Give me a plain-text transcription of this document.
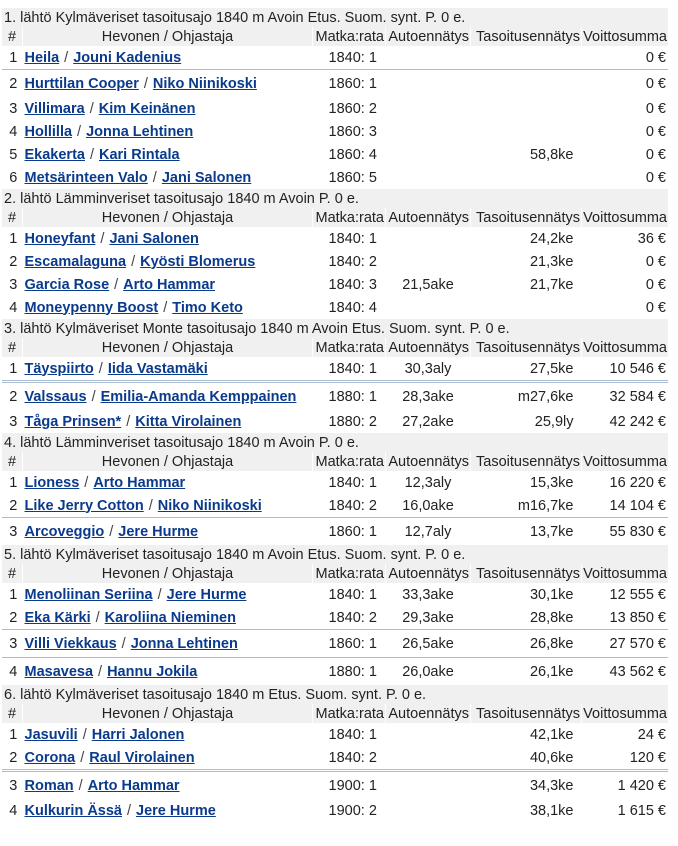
1. lähtö Kylmäveriset tasoitusajo 1840 m Avoin Etus. Suom. synt. P. 0 e.					
#	Hevonen / Ohjastaja	Matka:rata	Autoennätys	Tasoitusennätys	Voittosumma
1	Heila / Jouni Kadenius	1840: 1			0 €
2	Hurttilan Cooper / Niko Niinikoski	1860: 1			0 €
3	Villimara / Kim Keinänen	1860: 2			0 €
4	Hollilla / Jonna Lehtinen	1860: 3			0 €
5	Ekakerta / Kari Rintala	1860: 4		58,8ke	0 €
6	Metsärinteen Valo / Jani Salonen	1860: 5			0 €
2. lähtö Lämminveriset tasoitusajo 1840 m Avoin P. 0 e.					
#	Hevonen / Ohjastaja	Matka:rata	Autoennätys	Tasoitusennätys	Voittosumma
1	Honeyfant / Jani Salonen	1840: 1		24,2ke	36 €
2	Escamalaguna / Kyösti Blomerus	1840: 2		21,3ke	0 €
3	Garcia Rose / Arto Hammar	1840: 3	21,5ake	21,7ke	0 €
4	Moneypenny Boost / Timo Keto	1840: 4			0 €
3. lähtö Kylmäveriset Monte tasoitusajo 1840 m Avoin Etus. Suom. synt. P. 0 e.					
#	Hevonen / Ohjastaja	Matka:rata	Autoennätys	Tasoitusennätys	Voittosumma
1	Täyspiirto / Iida Vastamäki	1840: 1	30,3aly	27,5ke	10 546 €
2	Valssaus / Emilia-Amanda Kemppainen	1880: 1	28,3ake	m27,6ke	32 584 €
3	Tåga Prinsen* / Kitta Virolainen	1880: 2	27,2ake	25,9ly	42 242 €
4. lähtö Lämminveriset tasoitusajo 1840 m Avoin P. 0 e.					
#	Hevonen / Ohjastaja	Matka:rata	Autoennätys	Tasoitusennätys	Voittosumma
1	Lioness / Arto Hammar	1840: 1	12,3aly	15,3ke	16 220 €
2	Like Jerry Cotton / Niko Niinikoski	1840: 2	16,0ake	m16,7ke	14 104 €
3	Arcoveggio / Jere Hurme	1860: 1	12,7aly	13,7ke	55 830 €
5. lähtö Kylmäveriset tasoitusajo 1840 m Avoin Etus. Suom. synt. P. 0 e.					
#	Hevonen / Ohjastaja	Matka:rata	Autoennätys	Tasoitusennätys	Voittosumma
1	Menoliinan Seriina / Jere Hurme	1840: 1	33,3ake	30,1ke	12 555 €
2	Eka Kärki / Karoliina Nieminen	1840: 2	29,3ake	28,8ke	13 850 €
3	Villi Viekkaus / Jonna Lehtinen	1860: 1	26,5ake	26,8ke	27 570 €
4	Masavesa / Hannu Jokila	1880: 1	26,0ake	26,1ke	43 562 €
6. lähtö Kylmäveriset tasoitusajo 1840 m Etus. Suom. synt. P. 0 e.					
#	Hevonen / Ohjastaja	Matka:rata	Autoennätys	Tasoitusennätys	Voittosumma
1	Jasuvili / Harri Jalonen	1840: 1		42,1ke	24 €
2	Corona / Raul Virolainen	1840: 2		40,6ke	120 €
3	Roman / Arto Hammar	1900: 1		34,3ke	1 420 €
4	Kulkurin Ässä / Jere Hurme	1900: 2		38,1ke	1 615 €
